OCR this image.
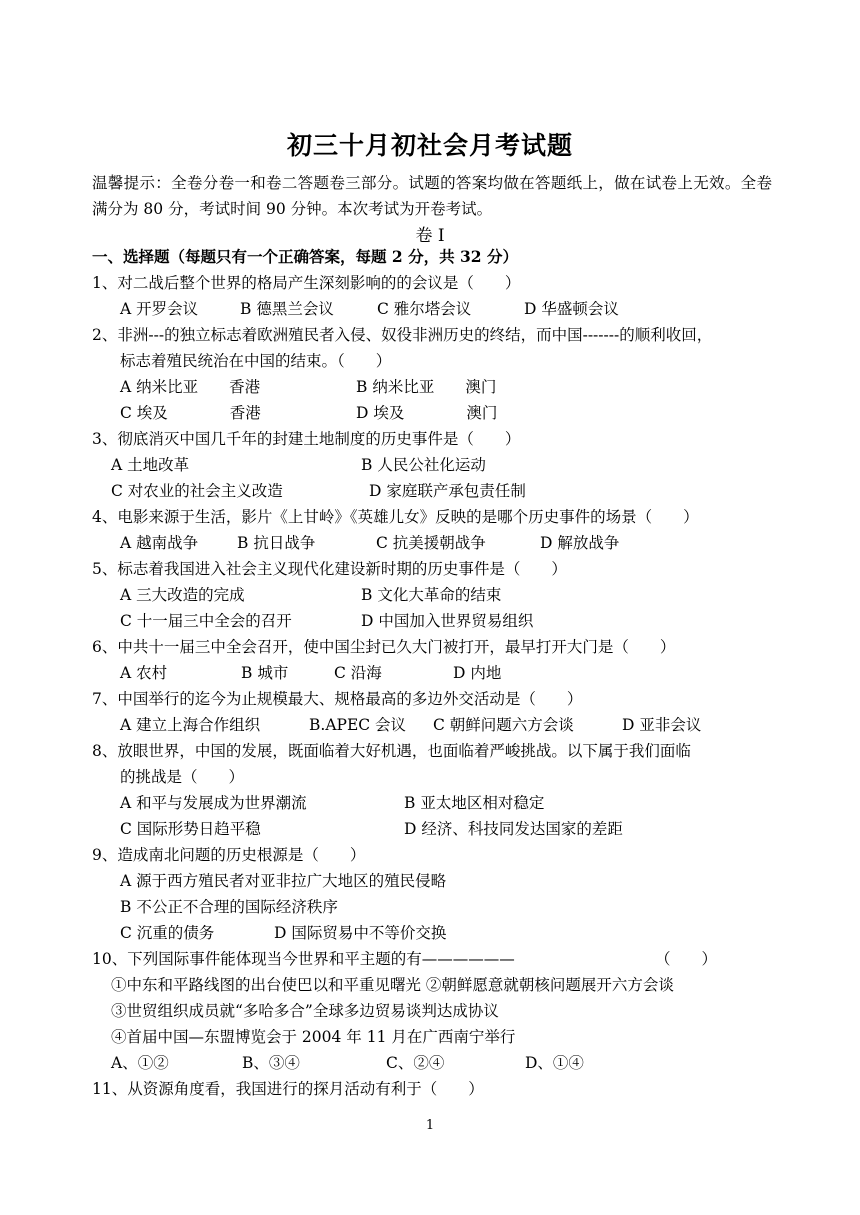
初三十月初社会月考试题
温馨提示：全卷分卷一和卷二答题卷三部分。试题的答案均做在答题纸上，做在试卷上无效。全卷满分为 80 分，考试时间 90 分钟。本次考试为开卷考试。
卷 I
一、选择题（每题只有一个正确答案，每题 2 分，共 32 分）
1、对二战后整个世界的格局产生深刻影响的的会议是（　　）
A 开罗会议	B 德黑兰会议	C 雅尔塔会议	D 华盛顿会议
2、非洲---的独立标志着欧洲殖民者入侵、奴役非洲历史的终结，而中国-------的顺利收回，
标志着殖民统治在中国的结束。（　　）
A 纳米比亚　　香港	B 纳米比亚　　澳门
C 埃及　　　　香港	D 埃及　　　　澳门
3、彻底消灭中国几千年的封建土地制度的历史事件是（　　）
A 土地改革	B 人民公社化运动
C 对农业的社会主义改造	D 家庭联产承包责任制
4、电影来源于生活，影片《上甘岭》《英雄儿女》反映的是哪个历史事件的场景（　　）
A 越南战争	B 抗日战争	C 抗美援朝战争	D 解放战争
5、标志着我国进入社会主义现代化建设新时期的历史事件是（　　）
A 三大改造的完成	B 文化大革命的结束
C 十一届三中全会的召开	D 中国加入世界贸易组织
6、中共十一届三中全会召开，使中国尘封已久大门被打开，最早打开大门是（　　）
A 农村	B 城市	C 沿海	D 内地
7、中国举行的迄今为止规模最大、规格最高的多边外交活动是（　　）
A 建立上海合作组织	B.APEC 会议 C 朝鲜问题六方会谈	D 亚非会议
8、放眼世界，中国的发展，既面临着大好机遇，也面临着严峻挑战。以下属于我们面临
的挑战是（　　）
A 和平与发展成为世界潮流	B 亚太地区相对稳定
C 国际形势日趋平稳	D 经济、科技同发达国家的差距
9、造成南北问题的历史根源是（　　）
A 源于西方殖民者对亚非拉广大地区的殖民侵略
B 不公正不合理的国际经济秩序
C 沉重的债务	D 国际贸易中不等价交换
10、下列国际事件能体现当今世界和平主题的有——————	（　　）
①中东和平路线图的出台使巴以和平重见曙光 ②朝鲜愿意就朝核问题展开六方会谈
③世贸组织成员就“多哈多合”全球多边贸易谈判达成协议
④首届中国—东盟博览会于 2004 年 11 月在广西南宁举行
A、①②	B、③④	C、②④	D、①④
11、从资源角度看，我国进行的探月活动有利于（　　）
1
